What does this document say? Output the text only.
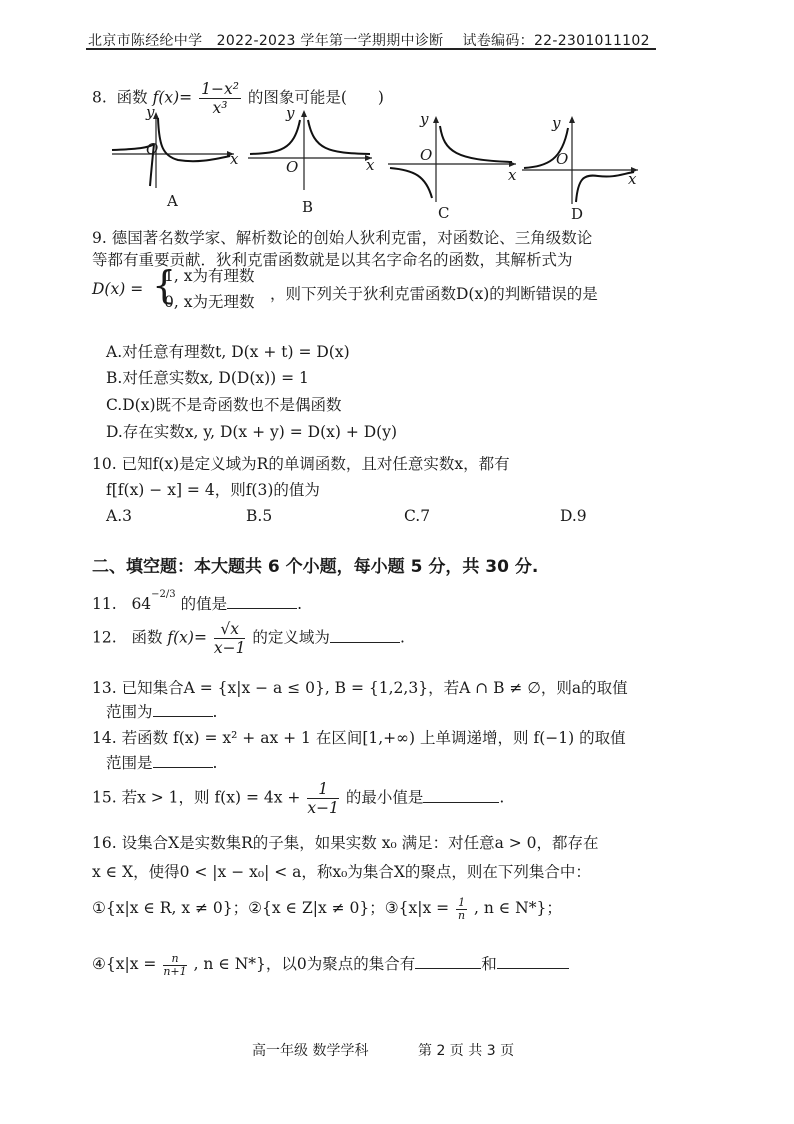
北京市陈经纶中学 2022-2023 学年第一学期期中诊断 试卷编码：22-2301011102
8. 函数 $f(x)= \frac{\text{1−x²}}{\text{x³}}$ 的图象可能是(　　)
y
O
x
A
y
O	x
B
y
O
x
C
y
O
x
D
9. 德国著名数学家、解析数论的创始人狄利克雷，对函数论、三角级数论
等都有重要贡献．狄利克雷函数就是以其名字命名的函数，其解析式为
D(x) = {
1, x为有理数
0, x为无理数 ，则下列关于狄利克雷函数D(x)的判断错误的是
A.对任意有理数t, D(x + t) = D(x)
B.对任意实数x, D(D(x)) = 1
C.D(x)既不是奇函数也不是偶函数
D.存在实数x, y, D(x + y) = D(x) + D(y)
10. 已知f(x)是定义域为R的单调函数，且对任意实数x，都有
f[f(x) − x] = 4，则f(3)的值为
A.3	B.5	C.7	D.9
二、填空题：本大题共 6 个小题，每小题 5 分，共 30 分.
11. $64^{-2/3}$ 的值是	.
12. 函数 $f(x)= \frac{√x}{x-1}$ 的定义域为	.
13. 已知集合A = {x|x − a ≤ 0}, B = {1,2,3}，若A ∩ B ≠ ∅，则a的取值
范围为	.
14. 若函数 f(x) = x² + ax + 1 在区间[1,+∞) 上单调递增，则 f(−1) 的取值
范围是	.
15. 若x > 1，则 $f(x) = 4x + \frac{1}{x-1}$ 的最小值是	.
16. 设集合X是实数集R的子集，如果实数 x₀ 满足：对任意a > 0，都存在
x ∈ X，使得0 < |x − x₀| < a，称x₀为集合X的聚点，则在下列集合中：
①{x|x ∈ R, x ≠ 0}；②{x ∈ Z|x ≠ 0}；③{x|x = $\frac{1}{n}$ , n ∈ N*}；
④{x|x = $\frac{n}{n+1}$ , n ∈ N*}，以0为聚点的集合有	和
高一年级 数学学科	第 2 页 共 3 页
